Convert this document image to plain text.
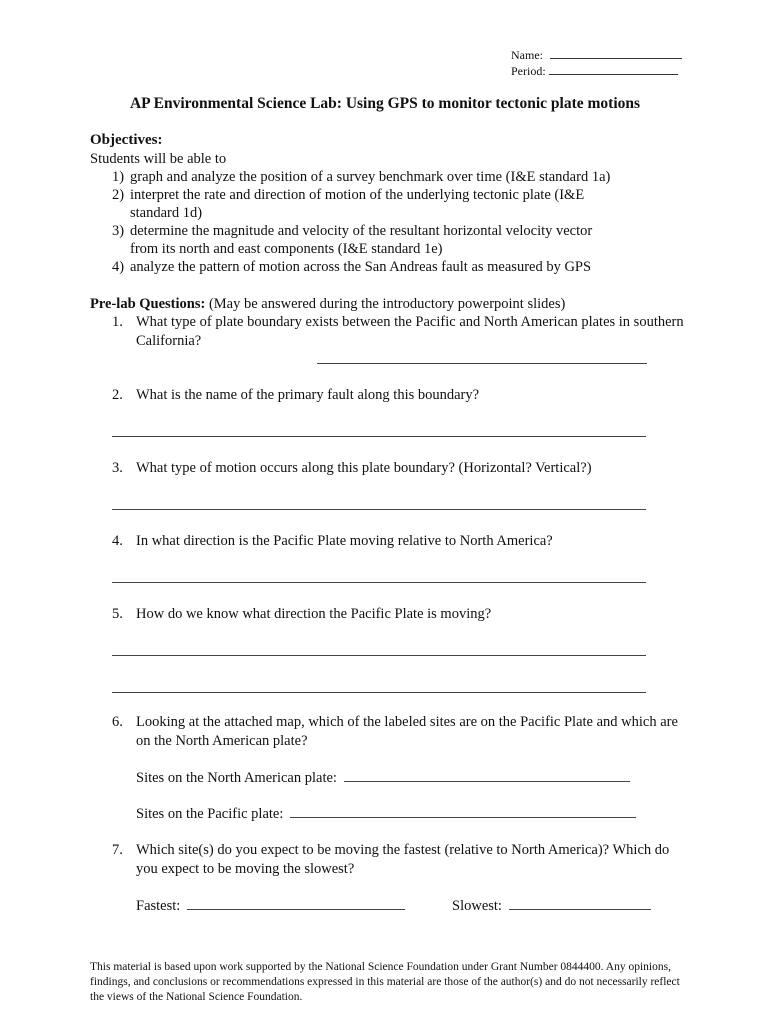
Name:
Period:
AP Environmental Science Lab: Using GPS to monitor tectonic plate motions
Objectives:
Students will be able to
1) graph and analyze the position of a survey benchmark over time (I&E standard 1a)
2) interpret the rate and direction of motion of the underlying tectonic plate (I&E
standard 1d)
3) determine the magnitude and velocity of the resultant horizontal velocity vector
from its north and east components (I&E standard 1e)
4) analyze the pattern of motion across the San Andreas fault as measured by GPS
Pre-lab Questions: (May be answered during the introductory powerpoint slides)
1. What type of plate boundary exists between the Pacific and North American plates in southern California?
2. What is the name of the primary fault along this boundary?
3. What type of motion occurs along this plate boundary? (Horizontal? Vertical?)
4. In what direction is the Pacific Plate moving relative to North America?
5. How do we know what direction the Pacific Plate is moving?
6. Looking at the attached map, which of the labeled sites are on the Pacific Plate and which are on the North American plate?
Sites on the North American plate:
Sites on the Pacific plate:
7. Which site(s) do you expect to be moving the fastest (relative to North America)? Which do you expect to be moving the slowest?
Fastest:	Slowest:
This material is based upon work supported by the National Science Foundation under Grant Number 0844400. Any opinions, findings, and conclusions or recommendations expressed in this material are those of the author(s) and do not necessarily reflect the views of the National Science Foundation.
